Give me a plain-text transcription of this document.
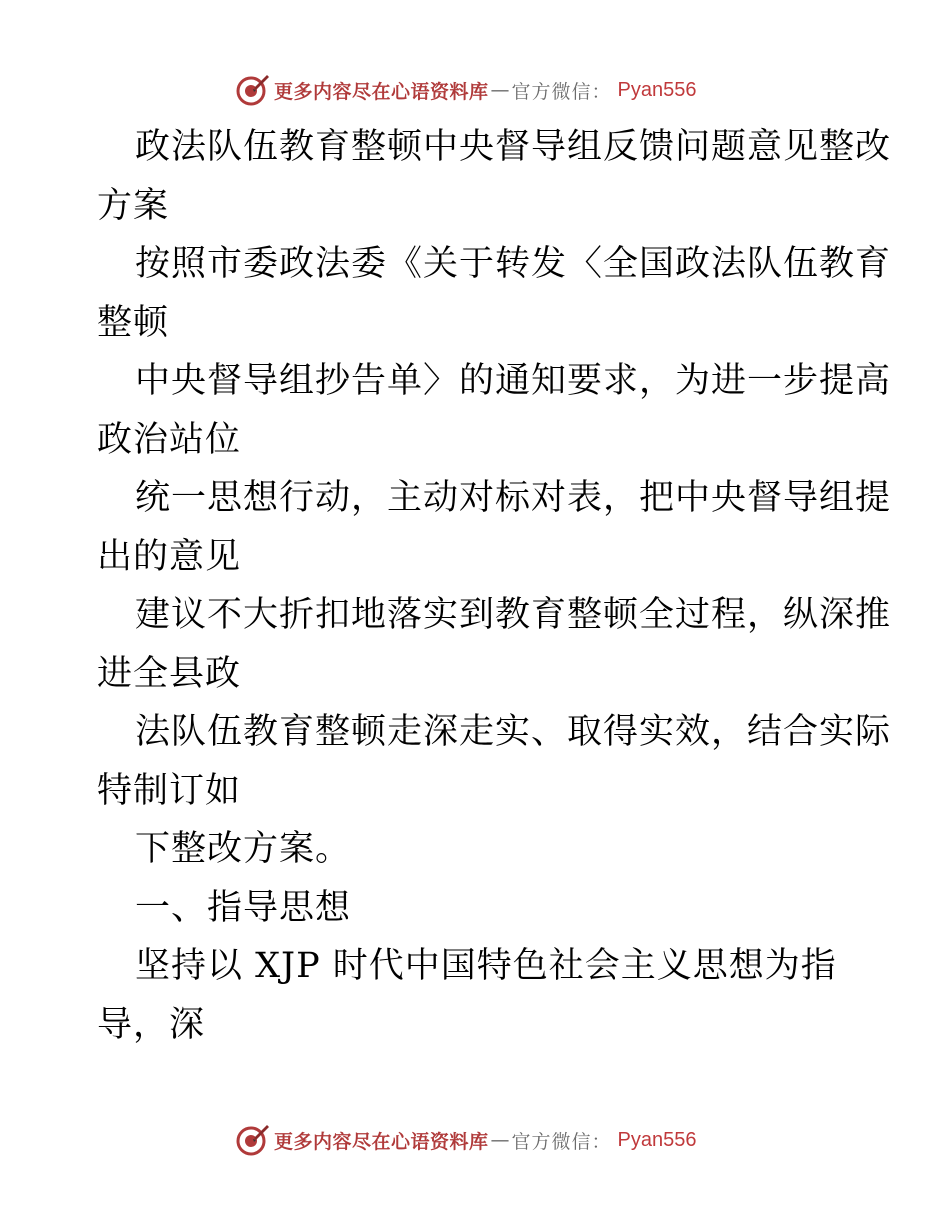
更多内容尽在心语资料库 — 官方微信： Pyan556
政法队伍教育整顿中央督导组反馈问题意见整改
方案
按照市委政法委《关于转发〈全国政法队伍教育
整顿
中央督导组抄告单〉的通知要求，为进一步提高
政治站位
统一思想行动，主动对标对表，把中央督导组提
出的意见
建议不大折扣地落实到教育整顿全过程，纵深推
进全县政
法队伍教育整顿走深走实、取得实效，结合实际
特制订如
下整改方案。
一、指导思想
坚持以 XJP 时代中国特色社会主义思想为指
导，深
更多内容尽在心语资料库 — 官方微信： Pyan556
